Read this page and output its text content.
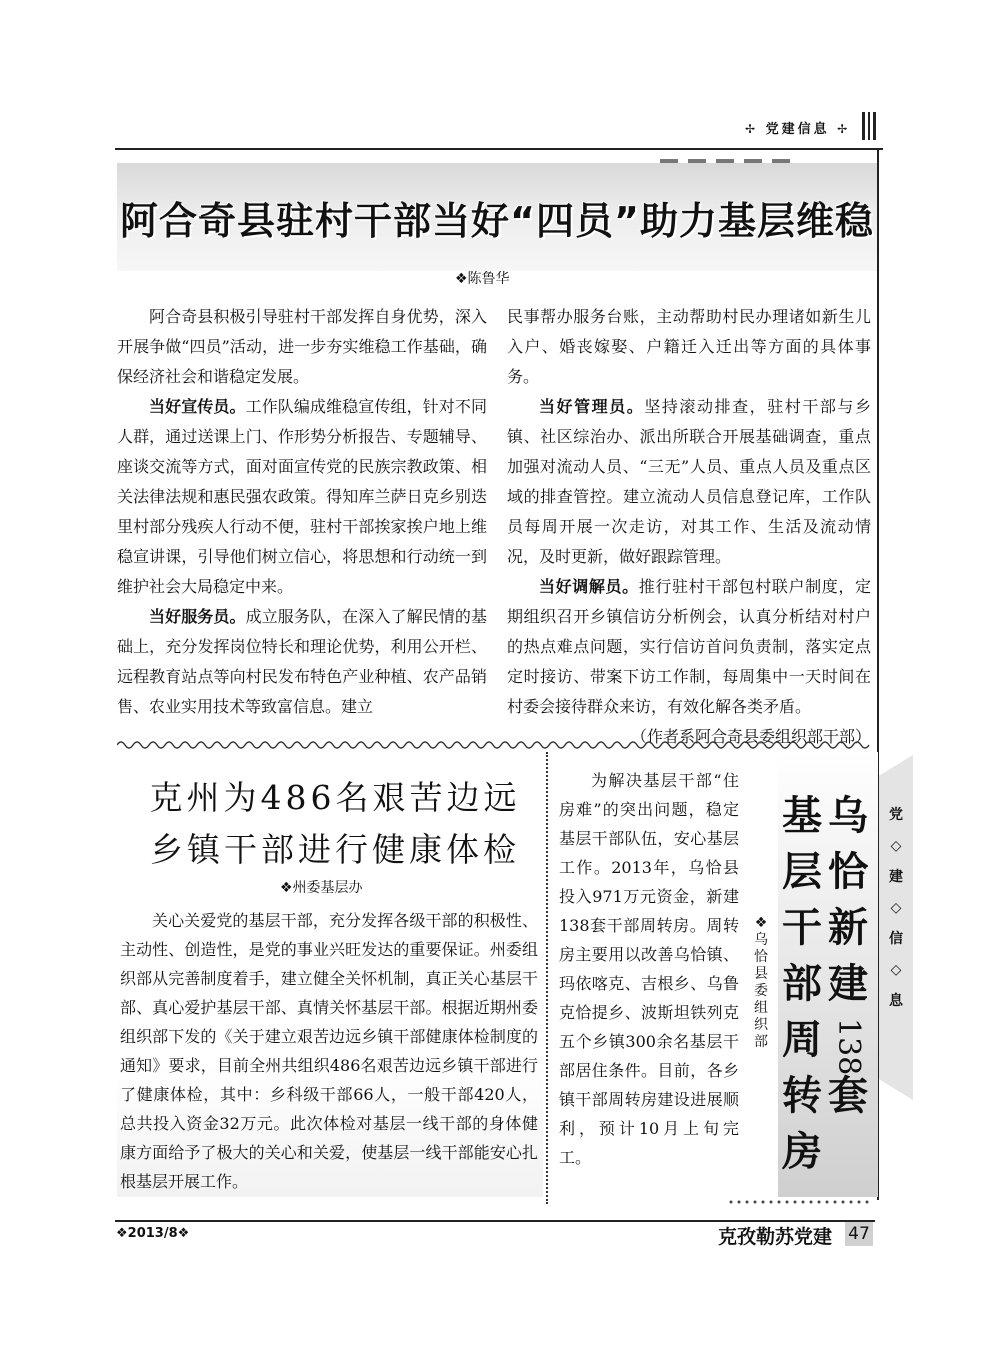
✢ 党建信息 ✢
阿合奇县驻村干部当好“四员”助力基层维稳
❖陈鲁华

阿合奇县积极引导驻村干部发挥自身优势，深入开展争做“四员”活动，进一步夯实维稳工作基础，确保经济社会和谐稳定发展。

当好宣传员。工作队编成维稳宣传组，针对不同人群，通过送课上门、作形势分析报告、专题辅导、座谈交流等方式，面对面宣传党的民族宗教政策、相关法律法规和惠民强农政策。得知库兰萨日克乡别迭里村部分残疾人行动不便，驻村干部挨家挨户地上维稳宣讲课，引导他们树立信心，将思想和行动统一到维护社会大局稳定中来。

当好服务员。成立服务队，在深入了解民情的基础上，充分发挥岗位特长和理论优势，利用公开栏、远程教育站点等向村民发布特色产业种植、农产品销售、农业实用技术等致富信息。建立

民事帮办服务台账，主动帮助村民办理诸如新生儿入户、婚丧嫁娶、户籍迁入迁出等方面的具体事务。

当好管理员。坚持滚动排查，驻村干部与乡镇、社区综治办、派出所联合开展基础调查，重点加强对流动人员、“三无”人员、重点人员及重点区域的排查管控。建立流动人员信息登记库，工作队员每周开展一次走访，对其工作、生活及流动情况，及时更新，做好跟踪管理。

当好调解员。推行驻村干部包村联户制度，定期组织召开乡镇信访分析例会，认真分析结对村户的热点难点问题，实行信访首问负责制，落实定点定时接访、带案下访工作制，每周集中一天时间在村委会接待群众来访，有效化解各类矛盾。
（作者系阿合奇县委组织部干部）

克州为486名艰苦边远
乡镇干部进行健康体检
❖州委基层办

关心关爱党的基层干部，充分发挥各级干部的积极性、主动性、创造性，是党的事业兴旺发达的重要保证。州委组织部从完善制度着手，建立健全关怀机制，真正关心基层干部、真心爱护基层干部、真情关怀基层干部。根据近期州委组织部下发的《关于建立艰苦边远乡镇干部健康体检制度的通知》要求，目前全州共组织486名艰苦边远乡镇干部进行了健康体检，其中：乡科级干部66人，一般干部420人，总共投入资金32万元。此次体检对基层一线干部的身体健康方面给予了极大的关心和关爱，使基层一线干部能安心扎根基层开展工作。

为解决基层干部“住房难”的突出问题，稳定基层干部队伍，安心基层工作。2013年，乌恰县投入971万元资金，新建138套干部周转房。周转房主要用以改善乌恰镇、玛依喀克、吉根乡、乌鲁克恰提乡、波斯坦铁列克五个乡镇300余名基层干部居住条件。目前，各乡镇干部周转房建设进展顺利，预计10月上旬完工。

❖
乌
恰
县
委
组
织
部
乌
恰
新
建
138
套
基
层
干
部
周
转
房
党
◇
建
◇
信
◇
息
❖2013/8❖	克孜勒苏党建 47
